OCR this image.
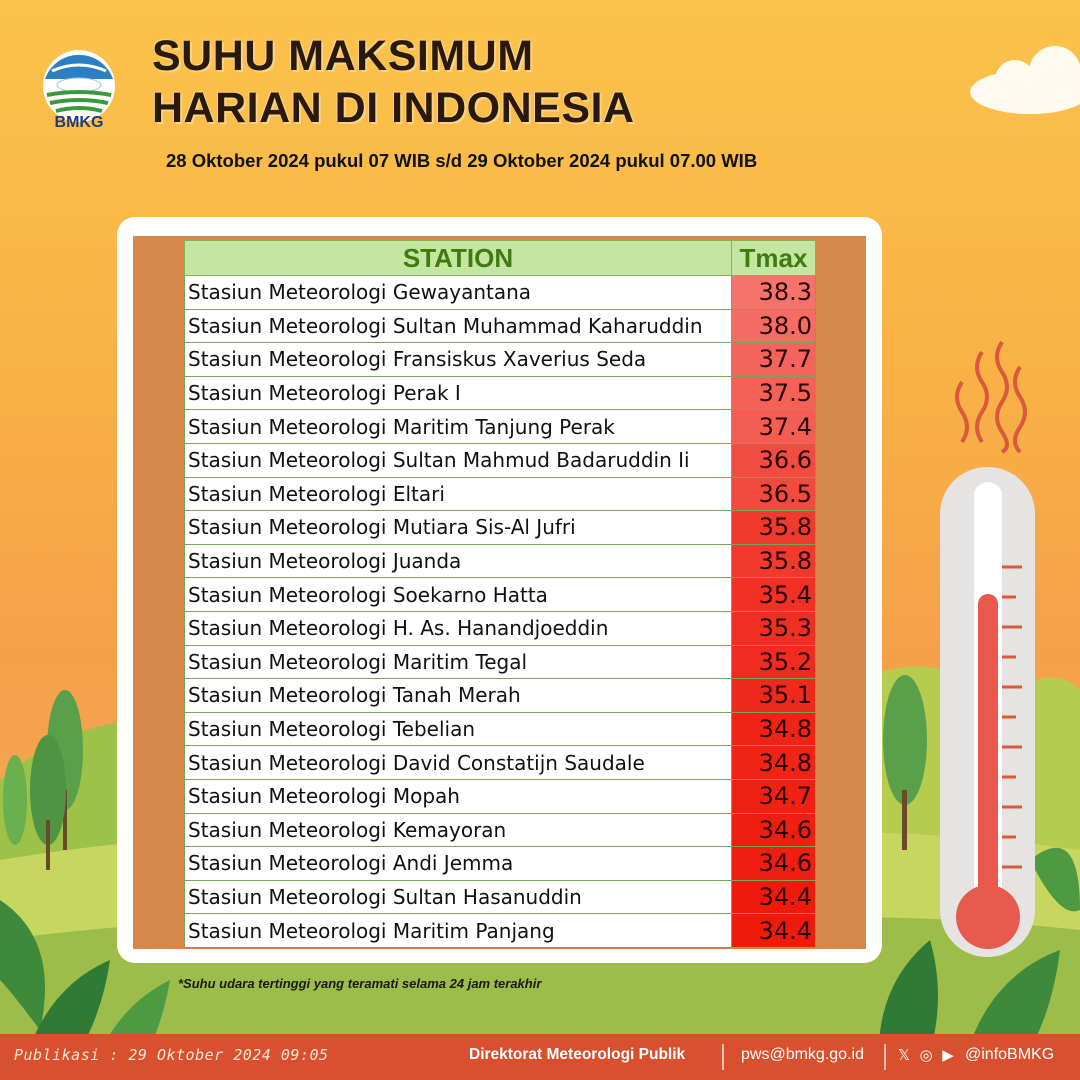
BMKG
SUHU MAKSIMUM
HARIAN DI INDONESIA
28 Oktober 2024 pukul 07 WIB s/d 29 Oktober 2024 pukul 07.00 WIB
STATION	Tmax
Stasiun Meteorologi Gewayantana	38.3
Stasiun Meteorologi Sultan Muhammad Kaharuddin	38.0
Stasiun Meteorologi Fransiskus Xaverius Seda	37.7
Stasiun Meteorologi Perak I	37.5
Stasiun Meteorologi Maritim Tanjung Perak	37.4
Stasiun Meteorologi Sultan Mahmud Badaruddin Ii	36.6
Stasiun Meteorologi Eltari	36.5
Stasiun Meteorologi Mutiara Sis-Al Jufri	35.8
Stasiun Meteorologi Juanda	35.8
Stasiun Meteorologi Soekarno Hatta	35.4
Stasiun Meteorologi H. As. Hanandjoeddin	35.3
Stasiun Meteorologi Maritim Tegal	35.2
Stasiun Meteorologi Tanah Merah	35.1
Stasiun Meteorologi Tebelian	34.8
Stasiun Meteorologi David Constatijn Saudale	34.8
Stasiun Meteorologi Mopah	34.7
Stasiun Meteorologi Kemayoran	34.6
Stasiun Meteorologi Andi Jemma	34.6
Stasiun Meteorologi Sultan Hasanuddin	34.4
Stasiun Meteorologi Maritim Panjang	34.4
*Suhu udara tertinggi yang teramati selama 24 jam terakhir
Publikasi : 29 Oktober 2024 09:05	Direktorat Meteorologi Publik	pws@bmkg.go.id 𝕏 ◎ ▶ @infoBMKG
